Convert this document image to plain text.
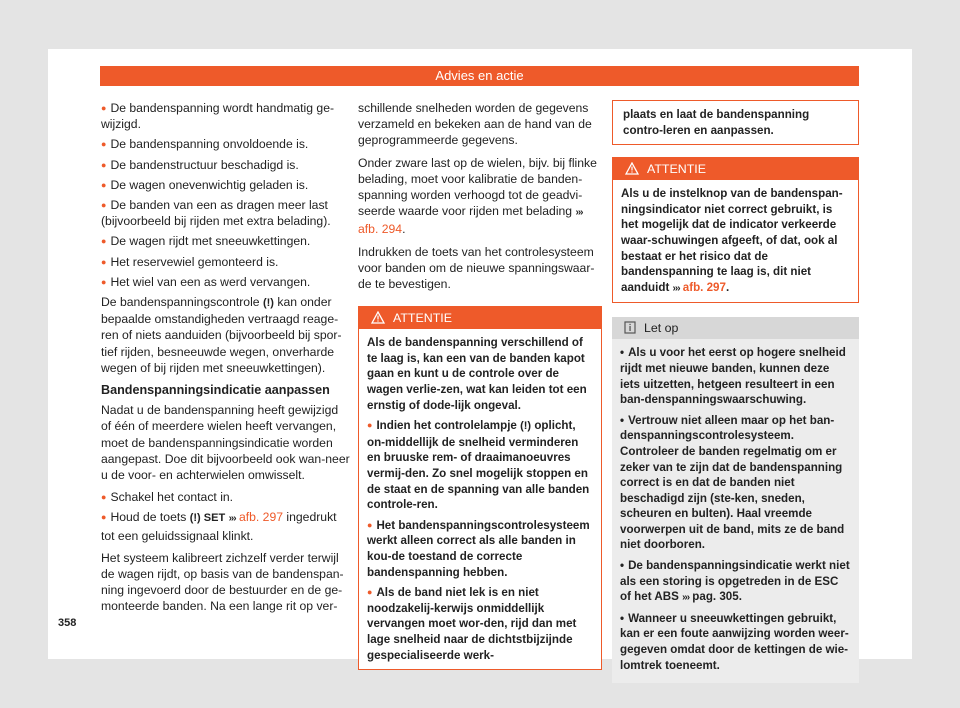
Advies en actie

● De bandenspanning wordt handmatig ge-wijzigd.

● De bandenspanning onvoldoende is.

● De bandenstructuur beschadigd is.

● De wagen onevenwichtig geladen is.

● De banden van een as dragen meer last (bijvoorbeeld bij rijden met extra belading).

● De wagen rijdt met sneeuwkettingen.

● Het reservewiel gemonteerd is.

● Het wiel van een as werd vervangen.

De bandenspanningscontrole (!) kan onder bepaalde omstandigheden vertraagd reage-ren of niets aanduiden (bijvoorbeeld bij spor-tief rijden, besneeuwde wegen, onverharde wegen of bij rijden met sneeuwkettingen).

Bandenspanningsindicatie aanpassen

Nadat u de bandenspanning heeft gewijzigd of één of meerdere wielen heeft vervangen, moet de bandenspanningsindicatie worden aangepast. Doe dit bijvoorbeeld ook wan-neer u de voor- en achterwielen omwisselt.

● Schakel het contact in.

● Houd de toets (!) SET ››› afb. 297 ingedrukt tot een geluidssignaal klinkt.

Het systeem kalibreert zichzelf verder terwijl de wagen rijdt, op basis van de bandenspan-ning ingevoerd door de bestuurder en de ge-monteerde banden. Na een lange rit op ver-

schillende snelheden worden de gegevens verzameld en bekeken aan de hand van de geprogrammeerde gegevens.

Onder zware last op de wielen, bijv. bij flinke belading, moet voor kalibratie de banden-spanning worden verhoogd tot de geadvi-seerde waarde voor rijden met belading ››› afb. 294.

Indrukken de toets van het controlesysteem voor banden om de nieuwe spanningswaar-de te bevestigen.

ATTENTIE

Als de bandenspanning verschillend of te laag is, kan een van de banden kapot gaan en kunt u de controle over de wagen verlie-zen, wat kan leiden tot een ernstig of dode-lijk ongeval.

● Indien het controlelampje (!) oplicht, on-middellijk de snelheid verminderen en bruuske rem- of draaimanoeuvres vermij-den. Zo snel mogelijk stoppen en de staat en de spanning van alle banden controle-ren.

● Het bandenspanningscontrolesysteem werkt alleen correct als alle banden in kou-de toestand de correcte bandenspanning hebben.

● Als de band niet lek is en niet noodzakelij-kerwijs onmiddellijk vervangen moet wor-den, rijd dan met lage snelheid naar de dichtstbijzijnde gespecialiseerde werk-

plaats en laat de bandenspanning contro-leren en aanpassen.

ATTENTIE

Als u de instelknop van de bandenspan-ningsindicator niet correct gebruikt, is het mogelijk dat de indicator verkeerde waar-schuwingen afgeeft, of dat, ook al bestaat er het risico dat de bandenspanning te laag is, dit niet aanduidt ››› afb. 297.

Let op

• Als u voor het eerst op hogere snelheid rijdt met nieuwe banden, kunnen deze iets uitzetten, hetgeen resulteert in een ban-denspanningswaarschuwing.

• Vertrouw niet alleen maar op het ban-denspanningscontrolesysteem. Controleer de banden regelmatig om er zeker van te zijn dat de bandenspanning correct is en dat de banden niet beschadigd zijn (ste-ken, sneden, scheuren en bulten). Haal vreemde voorwerpen uit de band, mits ze de band niet doorboren.

• De bandenspanningsindicatie werkt niet als een storing is opgetreden in de ESC of het ABS ››› pag. 305.

• Wanneer u sneeuwkettingen gebruikt, kan er een foute aanwijzing worden weer-gegeven omdat door de kettingen de wie-lomtrek toeneemt.

358
